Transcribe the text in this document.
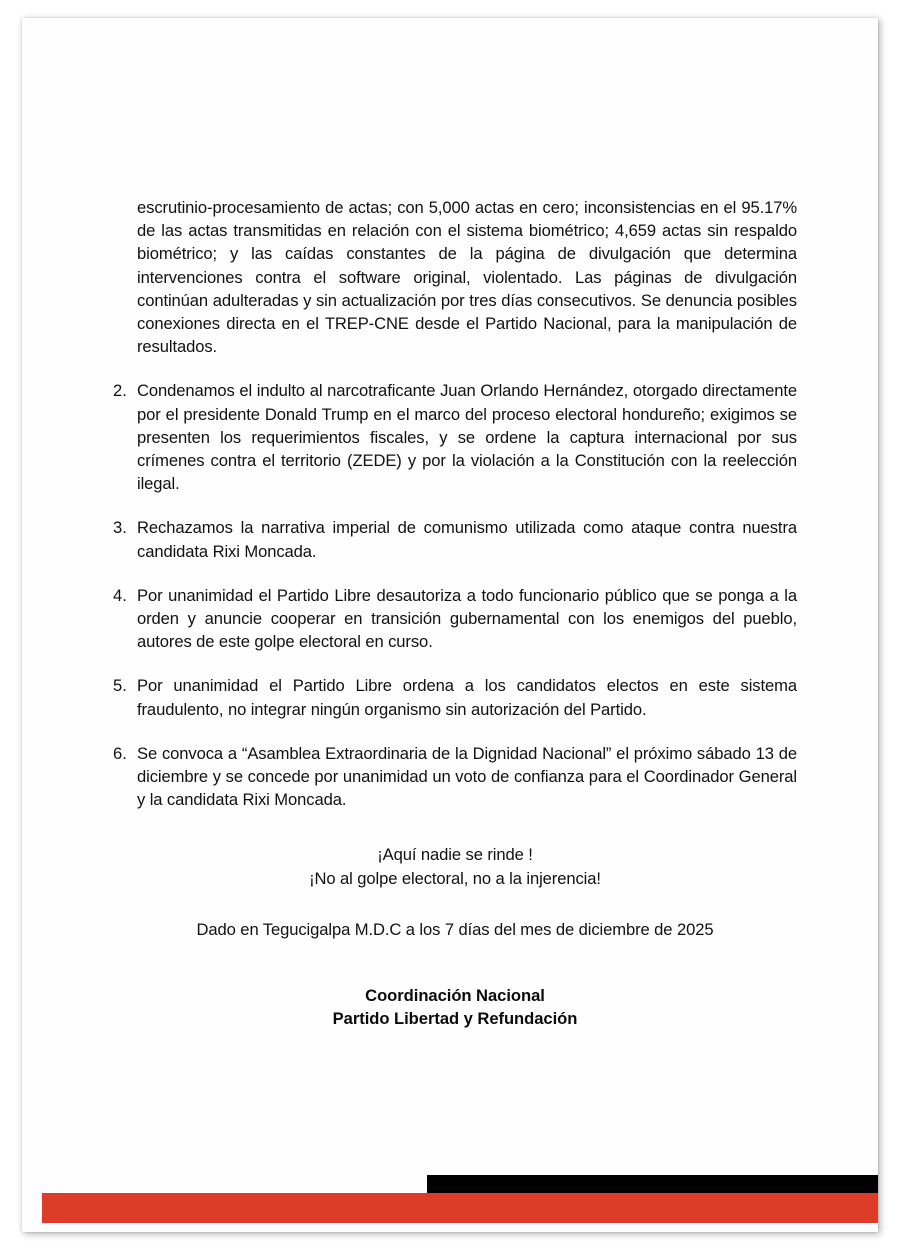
escrutinio-procesamiento de actas; con 5,000 actas en cero; inconsistencias en el 95.17% de las actas transmitidas en relación con el sistema biométrico; 4,659 actas sin respaldo biométrico; y las caídas constantes de la página de divulgación que determina intervenciones contra el software original, violentado. Las páginas de divulgación continúan adulteradas y sin actualización por tres días consecutivos. Se denuncia posibles conexiones directa en el TREP-CNE desde el Partido Nacional, para la manipulación de resultados.

2. Condenamos el indulto al narcotraficante Juan Orlando Hernández, otorgado directamente por el presidente Donald Trump en el marco del proceso electoral hondureño; exigimos se presenten los requerimientos fiscales, y se ordene la captura internacional por sus crímenes contra el territorio (ZEDE) y por la violación a la Constitución con la reelección ilegal.

3. Rechazamos la narrativa imperial de comunismo utilizada como ataque contra nuestra candidata Rixi Moncada.

4. Por unanimidad el Partido Libre desautoriza a todo funcionario público que se ponga a la orden y anuncie cooperar en transición gubernamental con los enemigos del pueblo, autores de este golpe electoral en curso.

5. Por unanimidad el Partido Libre ordena a los candidatos electos en este sistema fraudulento, no integrar ningún organismo sin autorización del Partido.

6. Se convoca a “Asamblea Extraordinaria de la Dignidad Nacional” el próximo sábado 13 de diciembre y se concede por unanimidad un voto de confianza para el Coordinador General y la candidata Rixi Moncada.

¡Aquí nadie se rinde !
¡No al golpe electoral, no a la injerencia!
Dado en Tegucigalpa M.D.C a los 7 días del mes de diciembre de 2025
Coordinación Nacional
Partido Libertad y Refundación
